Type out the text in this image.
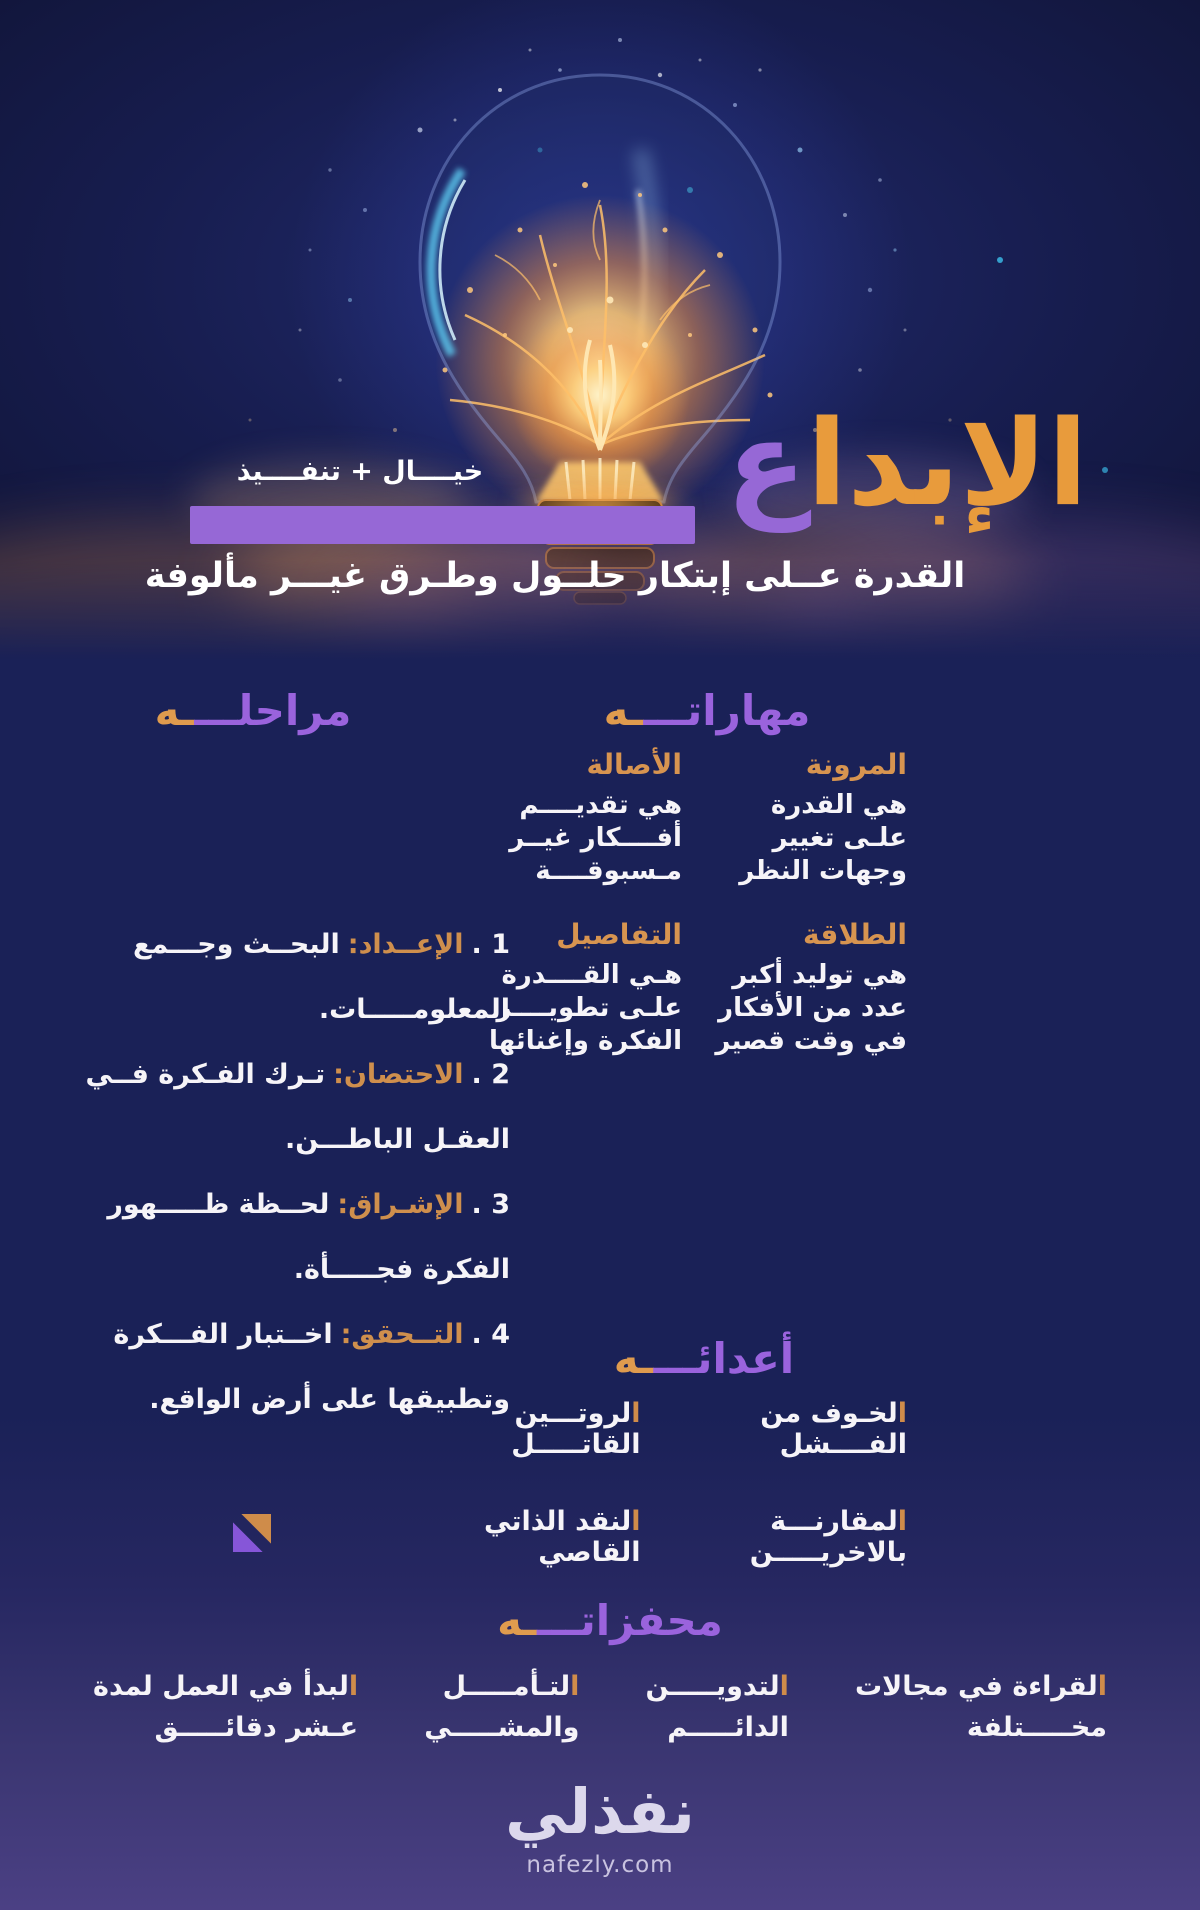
خيــــال + تنفــــيذ	الإبداع
القدرة عــلى إبتكار حلــول وطـرق غيـــر مألوفة
مهاراتــــه
مراحلــــه
المرونة
هي القدرة
علـى تغيير
وجهات النظر
الأصالة
هي تقديــــم
أفــــكار غيــر
مـسبوقــــة
الطلاقة
هي توليد أكبر
عدد من الأفكار
في وقت قصير
التفاصيل
هـي القــــدرة
علـى تطويــــر
الفكرة وإغنائها
1 .الإعــداد:البحــث وجـــمع المعلومـــــات.
2 .الاحتضان:تـرك الفـكرة فــي العقـل الباطـــن.
3 .الإشـراق:لحــظة ظـــــهور الفكرة فجـــــأة.
4 .التــحقق:اخــتبار الفـــكرة وتطبيقها على أرض الواقع.
أعدائــــه
الخـوف من الفــــشل
الروتـــين القاتـــــل
المقارنـــة بالاخريـــــن
النقد الذاتي القاصي
محفزاتــــه
القراءة في مجالات
مخـــــتلفة
التدويـــــن
الدائـــــم
التـأمـــــل
والمشـــــي
البدأ في العمل لمدة
عـشر دقائـــــق
نفذلي
nafezly.com
